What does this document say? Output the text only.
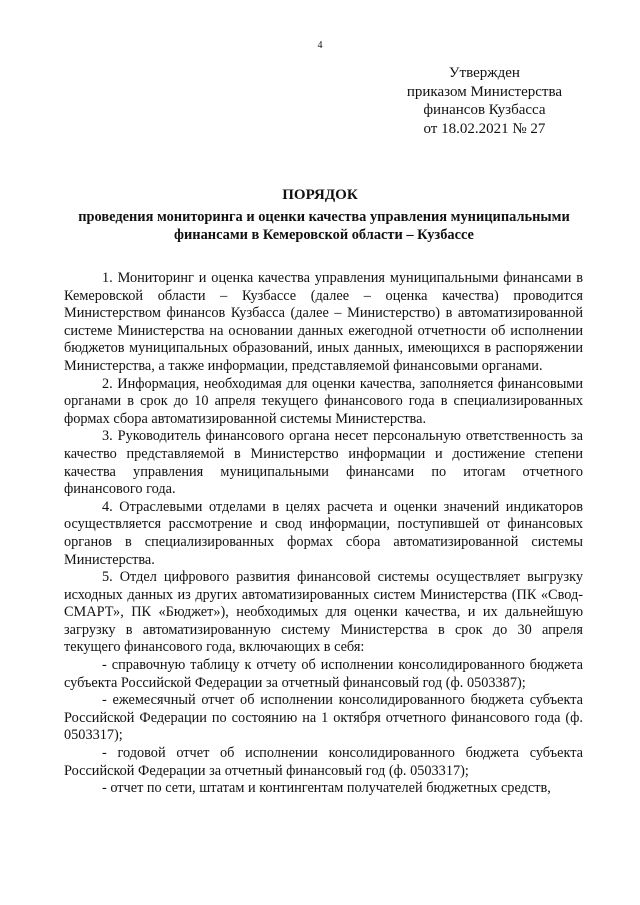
4
Утвержден
приказом Министерства
финансов Кузбасса
от 18.02.2021 № 27
ПОРЯДОК
проведения мониторинга и оценки качества управления муниципальными финансами в Кемеровской области – Кузбассе

1. Мониторинг и оценка качества управления муниципальными финансами в Кемеровской области – Кузбассе (далее – оценка качества) проводится Министерством финансов Кузбасса (далее – Министерство) в автоматизированной системе Министерства на основании данных ежегодной отчетности об исполнении бюджетов муниципальных образований, иных данных, имеющихся в распоряжении Министерства, а также информации, представляемой финансовыми органами.

2. Информация, необходимая для оценки качества, заполняется финансовыми органами в срок до 10 апреля текущего финансового года в специализированных формах сбора автоматизированной системы Министерства.

3. Руководитель финансового органа несет персональную ответственность за качество представляемой в Министерство информации и достижение степени качества управления муниципальными финансами по итогам отчетного финансового года.

4. Отраслевыми отделами в целях расчета и оценки значений индикаторов осуществляется рассмотрение и свод информации, поступившей от финансовых органов в специализированных формах сбора автоматизированной системы Министерства.

5. Отдел цифрового развития финансовой системы осуществляет выгрузку исходных данных из других автоматизированных систем Министерства (ПК «Свод-СМАРТ», ПК «Бюджет»), необходимых для оценки качества, и их дальнейшую загрузку в автоматизированную систему Министерства в срок до 30 апреля текущего финансового года, включающих в себя:

- справочную таблицу к отчету об исполнении консолидированного бюджета субъекта Российской Федерации за отчетный финансовый год (ф. 0503387);

- ежемесячный отчет об исполнении консолидированного бюджета субъекта Российской Федерации по состоянию на 1 октября отчетного финансового года (ф. 0503317);

- годовой отчет об исполнении консолидированного бюджета субъекта Российской Федерации за отчетный финансовый год (ф. 0503317);

- отчет по сети, штатам и контингентам получателей бюджетных средств,
